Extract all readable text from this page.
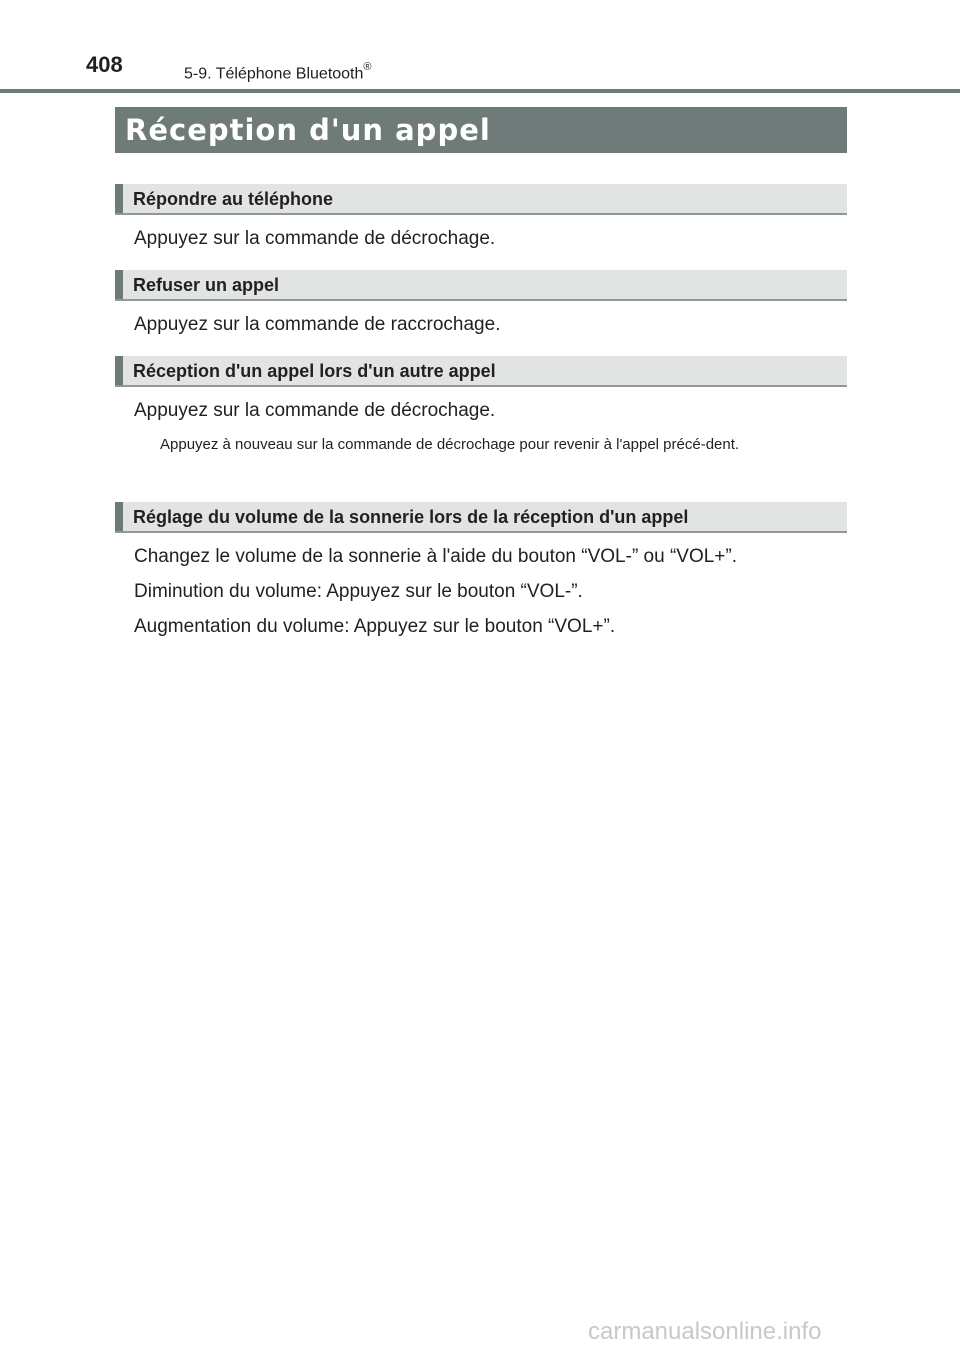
408	5-9. Téléphone Bluetooth®
Réception d'un appel
Répondre au téléphone
Appuyez sur la commande de décrochage.
Refuser un appel
Appuyez sur la commande de raccrochage.
Réception d'un appel lors d'un autre appel
Appuyez sur la commande de décrochage.
Appuyez à nouveau sur la commande de décrochage pour revenir à l'appel précé-dent.
Réglage du volume de la sonnerie lors de la réception d'un appel
Changez le volume de la sonnerie à l'aide du bouton “VOL-” ou “VOL+”.
Diminution du volume: Appuyez sur le bouton “VOL-”.
Augmentation du volume: Appuyez sur le bouton “VOL+”.
carmanualsonline.info
